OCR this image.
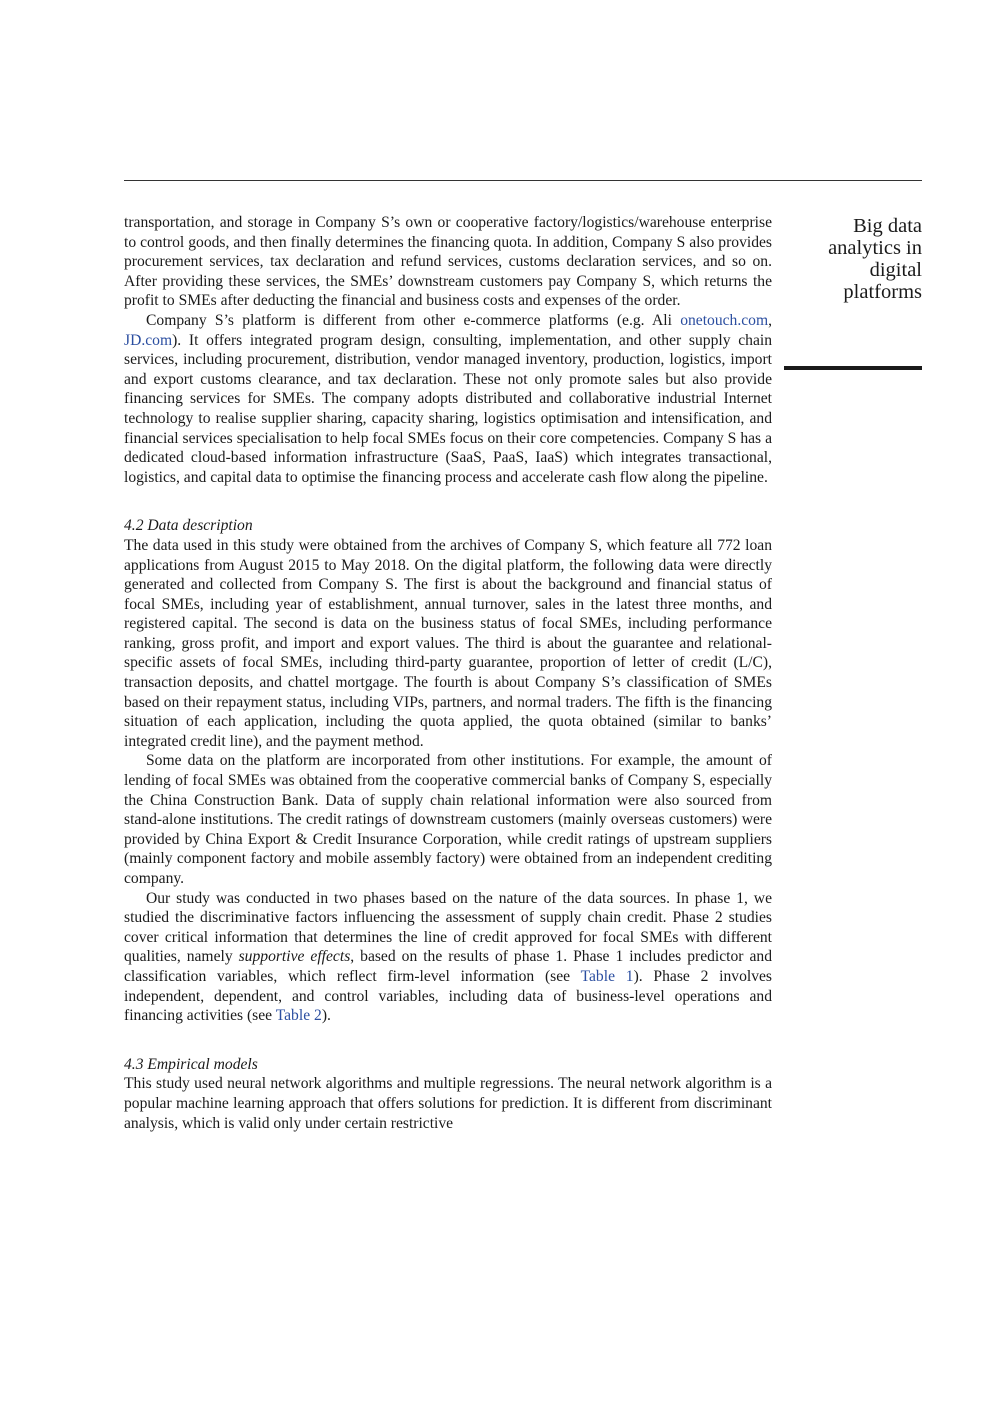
Big data
analytics in
digital
platforms

transportation, and storage in Company S’s own or cooperative factory/logistics/warehouse enterprise to control goods, and then finally determines the financing quota. In addition, Company S also provides procurement services, tax declaration and refund services, customs declaration services, and so on. After providing these services, the SMEs’ downstream customers pay Company S, which returns the profit to SMEs after deducting the financial and business costs and expenses of the order.

Company S’s platform is different from other e-commerce platforms (e.g. Ali onetouch.com, JD.com). It offers integrated program design, consulting, implementation, and other supply chain services, including procurement, distribution, vendor managed inventory, production, logistics, import and export customs clearance, and tax declaration. These not only promote sales but also provide financing services for SMEs. The company adopts distributed and collaborative industrial Internet technology to realise supplier sharing, capacity sharing, logistics optimisation and intensification, and financial services specialisation to help focal SMEs focus on their core competencies. Company S has a dedicated cloud-based information infrastructure (SaaS, PaaS, IaaS) which integrates transactional, logistics, and capital data to optimise the financing process and accelerate cash flow along the pipeline.

4.2 Data description

The data used in this study were obtained from the archives of Company S, which feature all 772 loan applications from August 2015 to May 2018. On the digital platform, the following data were directly generated and collected from Company S. The first is about the background and financial status of focal SMEs, including year of establishment, annual turnover, sales in the latest three months, and registered capital. The second is data on the business status of focal SMEs, including performance ranking, gross profit, and import and export values. The third is about the guarantee and relational-specific assets of focal SMEs, including third-party guarantee, proportion of letter of credit (L/C), transaction deposits, and chattel mortgage. The fourth is about Company S’s classification of SMEs based on their repayment status, including VIPs, partners, and normal traders. The fifth is the financing situation of each application, including the quota applied, the quota obtained (similar to banks’ integrated credit line), and the payment method.

Some data on the platform are incorporated from other institutions. For example, the amount of lending of focal SMEs was obtained from the cooperative commercial banks of Company S, especially the China Construction Bank. Data of supply chain relational information were also sourced from stand-alone institutions. The credit ratings of downstream customers (mainly overseas customers) were provided by China Export & Credit Insurance Corporation, while credit ratings of upstream suppliers (mainly component factory and mobile assembly factory) were obtained from an independent crediting company.

Our study was conducted in two phases based on the nature of the data sources. In phase 1, we studied the discriminative factors influencing the assessment of supply chain credit. Phase 2 studies cover critical information that determines the line of credit approved for focal SMEs with different qualities, namely supportive effects, based on the results of phase 1. Phase 1 includes predictor and classification variables, which reflect firm-level information (see Table 1). Phase 2 involves independent, dependent, and control variables, including data of business-level operations and financing activities (see Table 2).

4.3 Empirical models

This study used neural network algorithms and multiple regressions. The neural network algorithm is a popular machine learning approach that offers solutions for prediction. It is different from discriminant analysis, which is valid only under certain restrictive
